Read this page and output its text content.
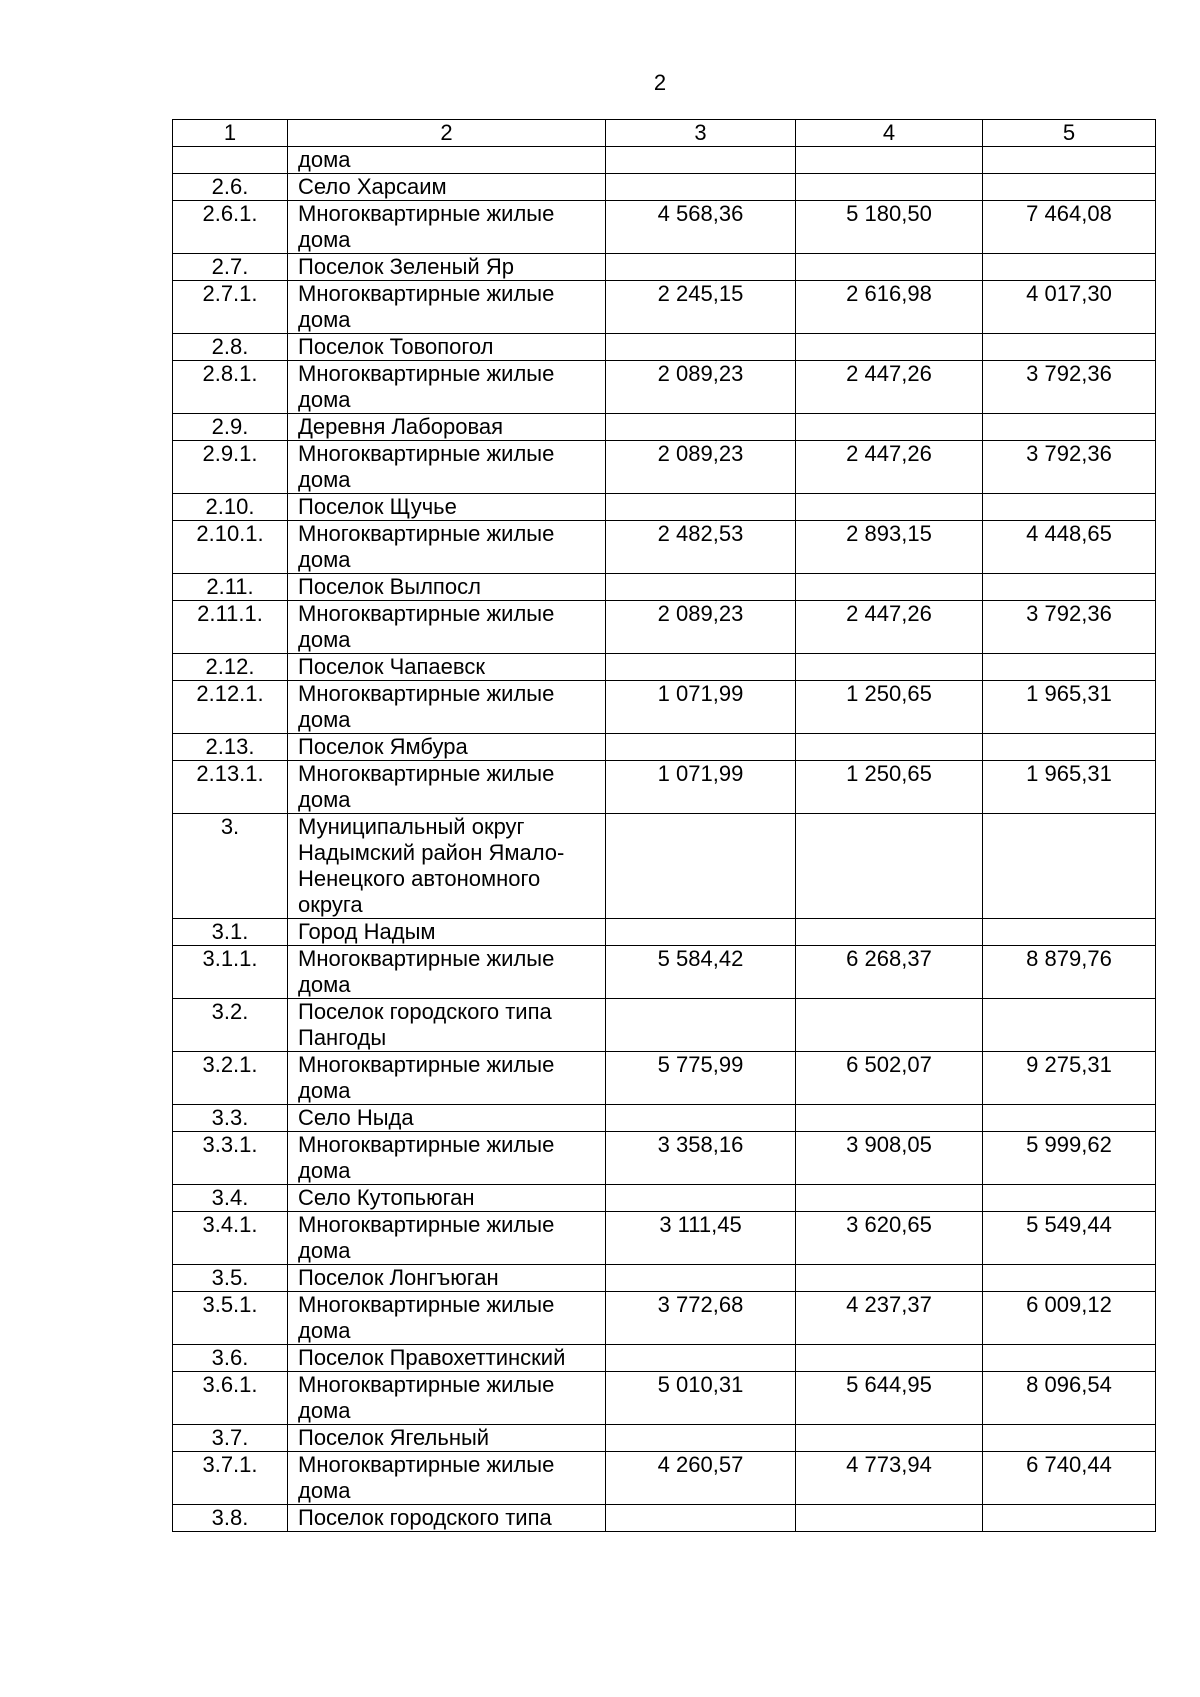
2
1	2	3	4	5
	дома			
2.6.	Село Харсаим			
2.6.1.	Многоквартирные жилые дома	4 568,36	5 180,50	7 464,08
2.7.	Поселок Зеленый Яр			
2.7.1.	Многоквартирные жилые дома	2 245,15	2 616,98	4 017,30
2.8.	Поселок Товопогол			
2.8.1.	Многоквартирные жилые дома	2 089,23	2 447,26	3 792,36
2.9.	Деревня Лаборовая			
2.9.1.	Многоквартирные жилые дома	2 089,23	2 447,26	3 792,36
2.10.	Поселок Щучье			
2.10.1.	Многоквартирные жилые дома	2 482,53	2 893,15	4 448,65
2.11.	Поселок Вылпосл			
2.11.1.	Многоквартирные жилые дома	2 089,23	2 447,26	3 792,36
2.12.	Поселок Чапаевск			
2.12.1.	Многоквартирные жилые дома	1 071,99	1 250,65	1 965,31
2.13.	Поселок Ямбура			
2.13.1.	Многоквартирные жилые дома	1 071,99	1 250,65	1 965,31
3.	Муниципальный округ Надымский район Ямало-Ненецкого автономного округа			
3.1.	Город Надым			
3.1.1.	Многоквартирные жилые дома	5 584,42	6 268,37	8 879,76
3.2.	Поселок городского типа Пангоды			
3.2.1.	Многоквартирные жилые дома	5 775,99	6 502,07	9 275,31
3.3.	Село Ныда			
3.3.1.	Многоквартирные жилые дома	3 358,16	3 908,05	5 999,62
3.4.	Село Кутопьюган			
3.4.1.	Многоквартирные жилые дома	3 111,45	3 620,65	5 549,44
3.5.	Поселок Лонгъюган			
3.5.1.	Многоквартирные жилые дома	3 772,68	4 237,37	6 009,12
3.6.	Поселок Правохеттинский			
3.6.1.	Многоквартирные жилые дома	5 010,31	5 644,95	8 096,54
3.7.	Поселок Ягельный			
3.7.1.	Многоквартирные жилые дома	4 260,57	4 773,94	6 740,44
3.8.	Поселок городского типа			
